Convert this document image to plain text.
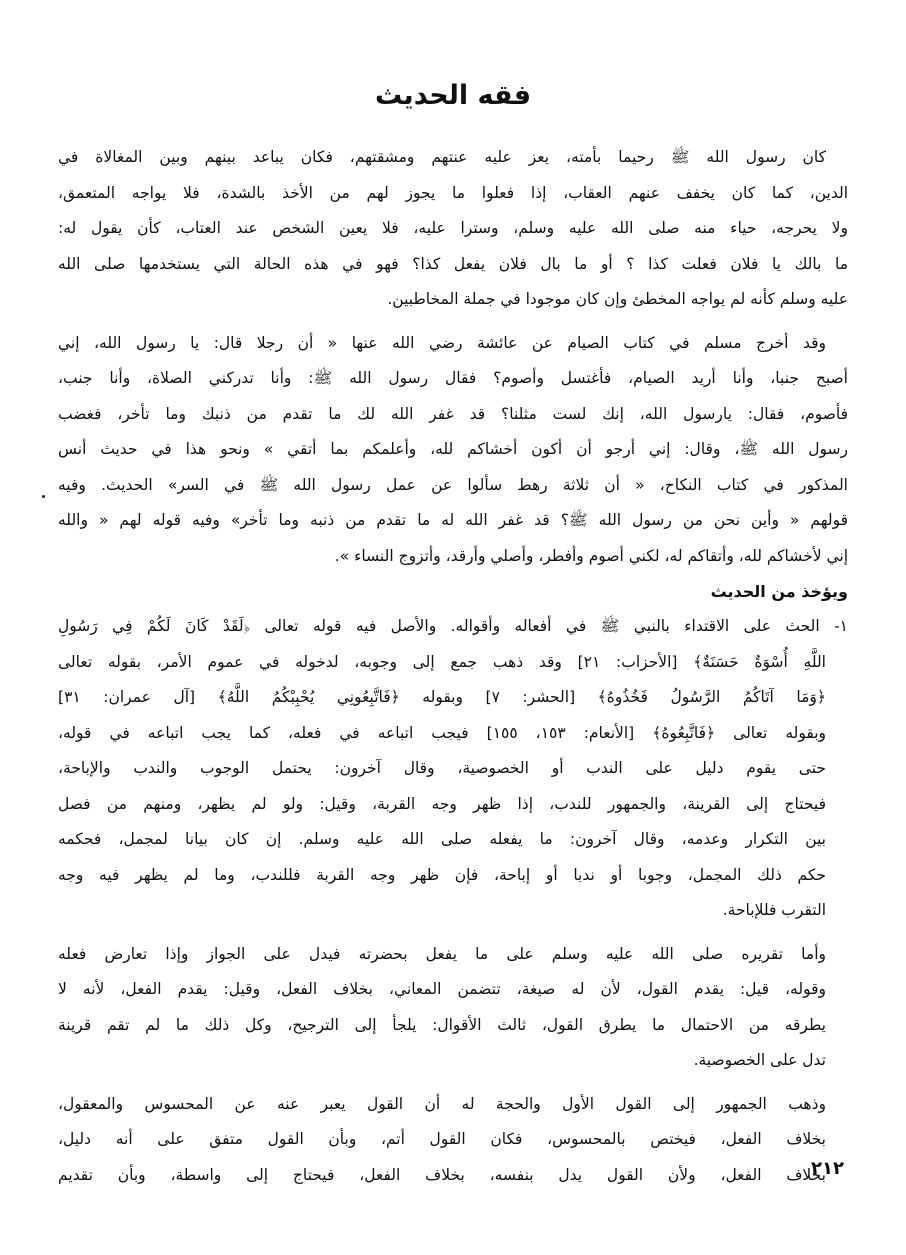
فقه الحديث
كان رسول الله ﷺ رحيما بأمته، يعز عليه عنتهم ومشقتهم، فكان يباعد بينهم وبين المغالاة في
الدين، كما كان يخفف عنهم العقاب، إذا فعلوا ما يجوز لهم من الأخذ بالشدة، فلا يواجه المتعمق،
ولا يحرجه، حياء منه صلى الله عليه وسلم، وسترا عليه، فلا يعين الشخص عند العتاب، كأن يقول له:
ما بالك يا فلان فعلت كذا ؟ أو ما بال فلان يفعل كذا؟ فهو في هذه الحالة التي يستخدمها صلى الله
عليه وسلم كأنه لم يواجه المخطئ وإن كان موجودا في جملة المخاطبين.
وقد أخرج مسلم في كتاب الصيام عن عائشة رضي الله عنها « أن رجلا قال: يا رسول الله، إني
أصبح جنبا، وأنا أريد الصيام، فأغتسل وأصوم؟ فقال رسول الله ﷺ: وأنا تدركني الصلاة، وأنا جنب،
فأصوم، فقال: يارسول الله، إنك لست مثلنا؟ قد غفر الله لك ما تقدم من ذنبك وما تأخر، فغضب
رسول الله ﷺ، وقال: إني أرجو أن أكون أخشاكم لله، وأعلمكم بما أتقي » ونحو هذا في حديث أنس
المذكور في كتاب النكاح، « أن ثلاثة رهط سألوا عن عمل رسول الله ﷺ في السر» الحديث. وفيه
قولهم « وأين نحن من رسول الله ﷺ؟ قد غفر الله له ما تقدم من ذنبه وما تأخر» وفيه قوله لهم « والله
إني لأخشاكم لله، وأتقاكم له، لكني أصوم وأفطر، وأصلي وأرقد، وأتزوج النساء ».
ويؤخذ من الحديث
١- الحث على الاقتداء بالنبي ﷺ في أفعاله وأقواله. والأصل فيه قوله تعالى ﴿لَقَدْ كَانَ لَكُمْ فِي رَسُولِ
اللَّهِ أُسْوَةٌ حَسَنَةٌ﴾ [الأحزاب: ٢١] وقد ذهب جمع إلى وجوبه، لدخوله في عموم الأمر، بقوله تعالى
﴿وَمَا آتَاكُمُ الرَّسُولُ فَخُذُوهُ﴾ [الحشر: ٧] وبقوله ﴿فَاتَّبِعُونِي يُحْبِبْكُمُ اللَّهُ﴾ [آل عمران: ٣١]
وبقوله تعالى ﴿فَاتَّبِعُوهُ﴾ [الأنعام: ١٥٣، ١٥٥] فيجب اتباعه في فعله، كما يجب اتباعه في قوله،
حتى يقوم دليل على الندب أو الخصوصية، وقال آخرون: يحتمل الوجوب والندب والإباحة،
فيحتاج إلى القرينة، والجمهور للندب، إذا ظهر وجه القربة، وقيل: ولو لم يظهر، ومنهم من فصل
بين التكرار وعدمه، وقال آخرون: ما يفعله صلى الله عليه وسلم. إن كان بيانا لمجمل، فحكمه
حكم ذلك المجمل، وجوبا أو ندبا أو إباحة، فإن ظهر وجه القربة فللندب، وما لم يظهر فيه وجه
التقرب فللإباحة.
وأما تقريره صلى الله عليه وسلم على ما يفعل بحضرته فيدل على الجواز وإذا تعارض فعله
وقوله، قيل: يقدم القول، لأن له صيغة، تتضمن المعاني، بخلاف الفعل، وقيل: يقدم الفعل، لأنه لا
يطرقه من الاحتمال ما يطرق القول، ثالث الأقوال: يلجأ إلى الترجيح، وكل ذلك ما لم تقم قرينة
تدل على الخصوصية.
وذهب الجمهور إلى القول الأول والحجة له أن القول يعبر عنه عن المحسوس والمعقول،
بخلاف الفعل، فيختص بالمحسوس، فكان القول أتم، وبأن القول متفق على أنه دليل،
بخلاف الفعل، ولأن القول يدل بنفسه، بخلاف الفعل، فيحتاج إلى واسطة، وبأن تقديم
٢١٢
